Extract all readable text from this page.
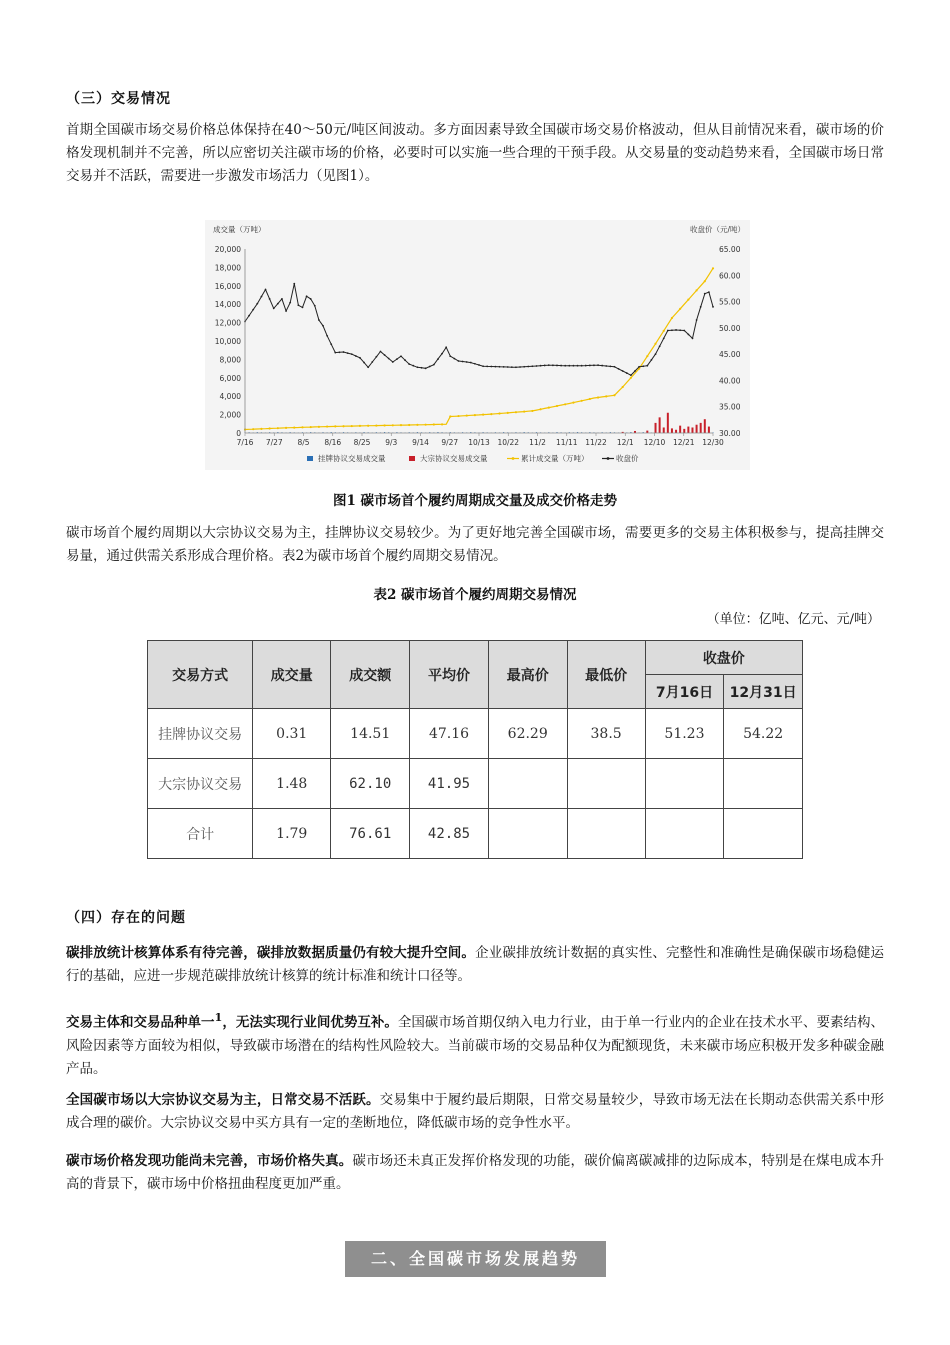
（三）交易情况
首期全国碳市场交易价格总体保持在40～50元/吨区间波动。多方面因素导致全国碳市场交易价格波动，但从目前情况来看，碳市场的价格发现机制并不完善，所以应密切关注碳市场的价格，必要时可以实施一些合理的干预手段。从交易量的变动趋势来看，全国碳市场日常交易并不活跃，需要进一步激发市场活力（见图1）。
0
2,000
4,000
6,000
8,000
10,000
12,000
14,000
16,000
18,000
20,000
30.00
35.00
40.00
45.00
50.00
55.00
60.00
65.00
成交量（万吨）	收盘价（元/吨）
7/16 7/27 8/5 8/16 8/25 9/3 9/14 9/27 10/13 10/22 11/2 11/11 11/22 12/1 12/10 12/21 12/30
挂牌协议交易成交量	大宗协议交易成交量	累计成交量（万吨）	收盘价
图1 碳市场首个履约周期成交量及成交价格走势
碳市场首个履约周期以大宗协议交易为主，挂牌协议交易较少。为了更好地完善全国碳市场，需要更多的交易主体积极参与，提高挂牌交易量，通过供需关系形成合理价格。表2为碳市场首个履约周期交易情况。
表2 碳市场首个履约周期交易情况
（单位：亿吨、亿元、元/吨）
交易方式	成交量	成交额	平均价	最高价	最低价	收盘价	
						7月16日	12月31日
挂牌协议交易	0.31	14.51	47.16	62.29	38.5	51.23	54.22
大宗协议交易	1.48	62.10	41.95				
合计	1.79	76.61	42.85				
（四）存在的问题
碳排放统计核算体系有待完善，碳排放数据质量仍有较大提升空间。企业碳排放统计数据的真实性、完整性和准确性是确保碳市场稳健运行的基础，应进一步规范碳排放统计核算的统计标准和统计口径等。
交易主体和交易品种单一$^1$，无法实现行业间优势互补。全国碳市场首期仅纳入电力行业，由于单一行业内的企业在技术水平、要素结构、风险因素等方面较为相似，导致碳市场潜在的结构性风险较大。当前碳市场的交易品种仅为配额现货，未来碳市场应积极开发多种碳金融产品。
全国碳市场以大宗协议交易为主，日常交易不活跃。交易集中于履约最后期限，日常交易量较少，导致市场无法在长期动态供需关系中形成合理的碳价。大宗协议交易中买方具有一定的垄断地位，降低碳市场的竞争性水平。
碳市场价格发现功能尚未完善，市场价格失真。碳市场还未真正发挥价格发现的功能，碳价偏离碳减排的边际成本，特别是在煤电成本升高的背景下，碳市场中价格扭曲程度更加严重。
二、全国碳市场发展趋势
